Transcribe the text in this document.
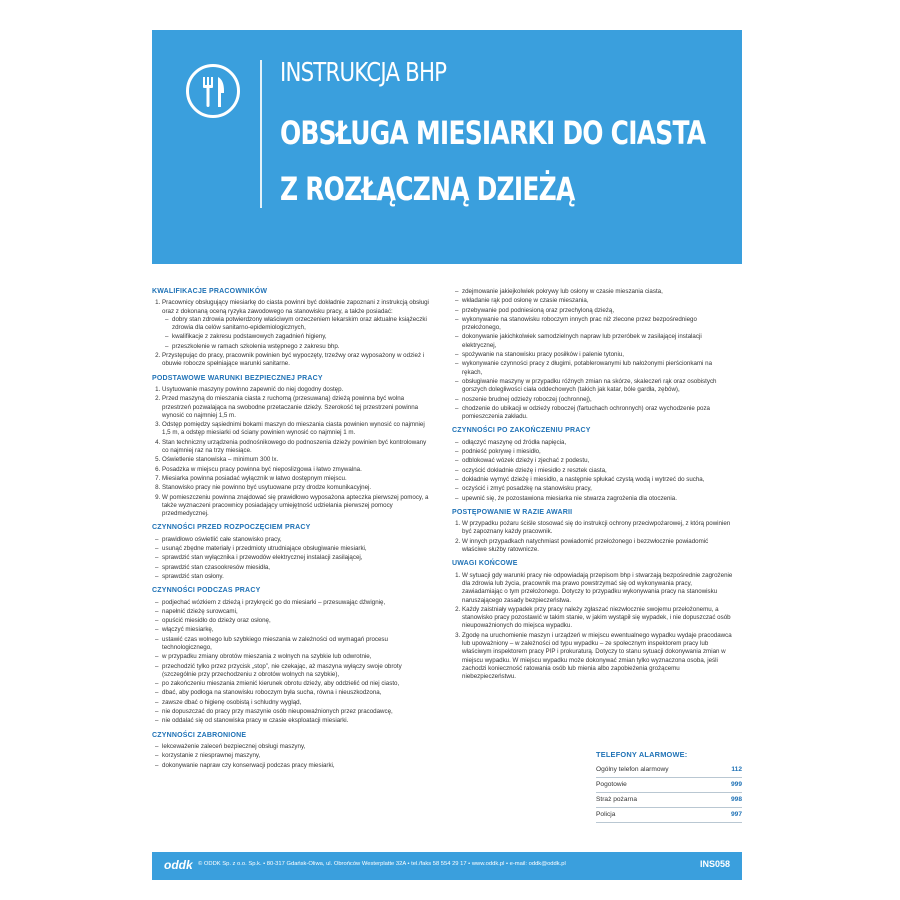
INSTRUKCJA BHP
OBSŁUGA MIESIARKI DO CIASTA
Z ROZŁĄCZNĄ DZIEŻĄ
KWALIFIKACJE PRACOWNIKÓW
1. Pracownicy obsługujący miesiarkę do ciasta powinni być dokładnie zapoznani z instrukcją obsługi oraz z dokonaną oceną ryzyka zawodowego na stanowisku pracy, a także posiadać:
– dobry stan zdrowia potwierdzony właściwym orzeczeniem lekarskim oraz aktualne książeczki zdrowia dla celów sanitarno-epidemiologicznych,
– kwalifikacje z zakresu podstawowych zagadnień higieny,
– przeszkolenie w ramach szkolenia wstępnego z zakresu bhp.
2. Przystępując do pracy, pracownik powinien być wypoczęty, trzeźwy oraz wyposażony w odzież i obuwie robocze spełniające warunki sanitarne.
PODSTAWOWE WARUNKI BEZPIECZNEJ PRACY
1. Usytuowanie maszyny powinno zapewnić do niej dogodny dostęp.
2. Przed maszyną do mieszania ciasta z ruchomą (przesuwaną) dzieżą powinna być wolna przestrzeń pozwalająca na swobodne przetaczanie dzieży. Szerokość tej przestrzeni powinna wynosić co najmniej 1,5 m.
3. Odstęp pomiędzy sąsiednimi bokami maszyn do mieszania ciasta powinien wynosić co najmniej 1,5 m, a odstęp miesiarki od ściany powinien wynosić co najmniej 1 m.
4. Stan techniczny urządzenia podnośnikowego do podnoszenia dzieży powinien być kontrolowany co najmniej raz na trzy miesiące.
5. Oświetlenie stanowiska – minimum 300 lx.
6. Posadzka w miejscu pracy powinna być nieposlizgowa i łatwo zmywalna.
7. Miesiarka powinna posiadać wyłącznik w łatwo dostępnym miejscu.
8. Stanowisko pracy nie powinno być usytuowane przy drodze komunikacyjnej.
9. W pomieszczeniu powinna znajdować się prawidłowo wyposażona apteczka pierwszej pomocy, a także wyznaczeni pracownicy posiadający umiejętność udzielania pierwszej pomocy przedmedycznej.
CZYNNOŚCI PRZED ROZPOCZĘCIEM PRACY
– prawidłowo oświetlić całe stanowisko pracy,
– usunąć zbędne materiały i przedmioty utrudniające obsługiwanie miesiarki,
– sprawdzić stan wyłącznika i przewodów elektrycznej instalacji zasilającej,
– sprawdzić stan czasookresów miesidła,
– sprawdzić stan osłony.
CZYNNOŚCI PODCZAS PRACY
– podjechać wózkiem z dzieżą i przykręcić go do miesiarki – przesuwając dźwignię,
– napełnić dzieżę surowcami,
– opuścić miesidło do dzieży oraz osłonę,
– włączyć miesiarkę,
– ustawić czas wolnego lub szybkiego mieszania w zależności od wymagań procesu technologicznego,
– w przypadku zmiany obrotów mieszania z wolnych na szybkie lub odwrotnie,
– przechodzić tylko przez przycisk „stop”, nie czekając, aż maszyna wyłączy swoje obroty (szczególnie przy przechodzeniu z obrotów wolnych na szybkie),
– po zakończeniu mieszania zmienić kierunek obrotu dzieży, aby oddzielić od niej ciasto,
– dbać, aby podłoga na stanowisku roboczym była sucha, równa i nieuszkodzona,
– zawsze dbać o higienę osobistą i schludny wygląd,
– nie dopuszczać do pracy przy maszynie osób nieupoważnionych przez pracodawcę,
– nie oddalać się od stanowiska pracy w czasie eksploatacji miesiarki.
CZYNNOŚCI ZABRONIONE
– lekceważenie zaleceń bezpiecznej obsługi maszyny,
– korzystanie z niesprawnej maszyny,
– dokonywanie napraw czy konserwacji podczas pracy miesiarki,
– zdejmowanie jakiejkolwiek pokrywy lub osłony w czasie mieszania ciasta,
– wkładanie rąk pod osłonę w czasie mieszania,
– przebywanie pod podniesioną oraz przechyloną dzieżą,
– wykonywanie na stanowisku roboczym innych prac niż zlecone przez bezpośredniego przełożonego,
– dokonywanie jakichkolwiek samodzielnych napraw lub przeróbek w zasilającej instalacji elektrycznej,
– spożywanie na stanowisku pracy posiłków i palenie tytoniu,
– wykonywanie czynności pracy z długimi, potablerowanymi lub nałożonymi pierścionkami na rękach,
– obsługiwanie maszyny w przypadku różnych zmian na skórze, skaleczeń rąk oraz osobistych gorszych dolegliwości ciała oddechowych (takich jak katar, bóle gardła, zębów),
– noszenie brudnej odzieży roboczej (ochronnej),
– chodzenie do ubikacji w odzieży roboczej (fartuchach ochronnych) oraz wychodzenie poza pomieszczenia zakładu.
CZYNNOŚCI PO ZAKOŃCZENIU PRACY
– odłączyć maszynę od źródła napięcia,
– podnieść pokrywę i miesidło,
– odblokować wózek dzieży i zjechać z podestu,
– oczyścić dokładnie dzieżę i miesidło z resztek ciasta,
– dokładnie wymyć dzieżę i miesidło, a następnie spłukać czystą wodą i wytrzeć do sucha,
– oczyścić i zmyć posadzkę na stanowisku pracy,
– upewnić się, że pozostawiona miesiarka nie stwarza zagrożenia dla otoczenia.
POSTĘPOWANIE W RAZIE AWARII
1. W przypadku pożaru ściśle stosować się do instrukcji ochrony przeciwpożarowej, z którą powinien być zapoznany każdy pracownik.
2. W innych przypadkach natychmiast powiadomić przełożonego i bezzwłocznie powiadomić właściwe służby ratownicze.
UWAGI KOŃCOWE
1. W sytuacji gdy warunki pracy nie odpowiadają przepisom bhp i stwarzają bezpośrednie zagrożenie dla zdrowia lub życia, pracownik ma prawo powstrzymać się od wykonywania pracy, zawiadamiając o tym przełożonego. Dotyczy to przypadku wykonywania pracy na stanowisku naruszającego zasady bezpieczeństwa.
2. Każdy zaistniały wypadek przy pracy należy zgłaszać niezwłocznie swojemu przełożonemu, a stanowisko pracy pozostawić w takim stanie, w jakim wystąpił się wypadek, i nie dopuszczać osób nieupoważnionych do miejsca wypadku.
3. Zgodę na uruchomienie maszyn i urządzeń w miejscu ewentualnego wypadku wydaje pracodawca lub upoważniony – w zależności od typu wypadku – ze społecznym inspektorem pracy lub właściwym inspektorem pracy PIP i prokuraturą. Dotyczy to stanu sytuacji dokonywania zmian w miejscu wypadku. W miejscu wypadku może dokonywać zmian tylko wyznaczona osoba, jeśli zachodzi konieczność ratowania osób lub mienia albo zapobieżenia grożącemu niebezpieczeństwu.
TELEFONY ALARMOWE:
Ogólny telefon alarmowy	112
Pogotowie	999
Straż pożarna	998
Policja	997
oddk © ODDK Sp. z o.o. Sp.k. • 80-317 Gdańsk-Oliwa, ul. Obrońców Westerplatte 32A • tel./faks 58 554 29 17 • www.oddk.pl • e-mail: oddk@oddk.pl	INS058
